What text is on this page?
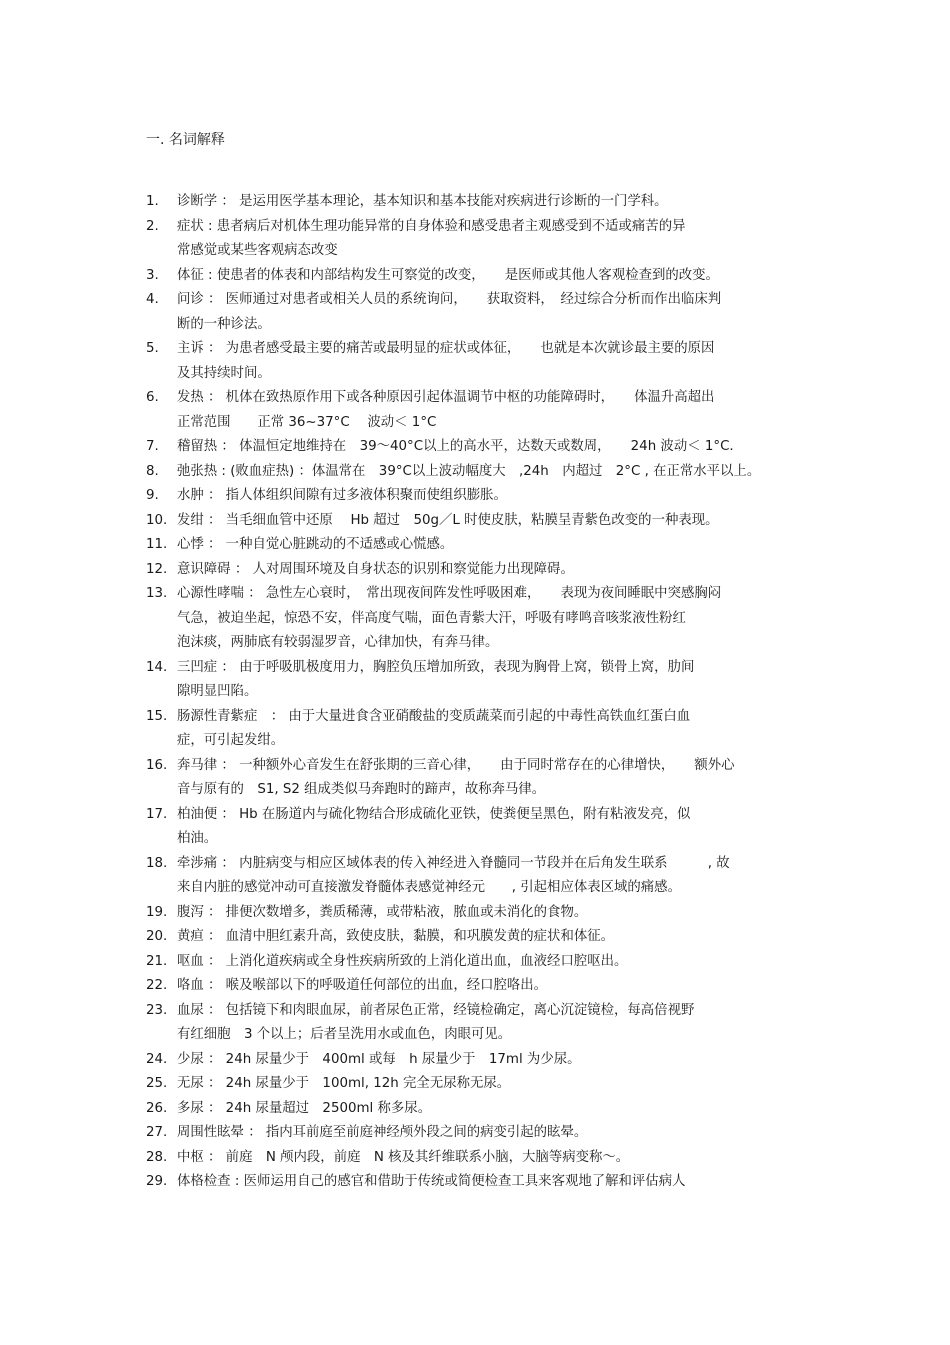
一. 名词解释
1. 诊断学 ： 是运用医学基本理论，基本知识和基本技能对疾病进行诊断的一门学科。
2. 症状 : 患者病后对机体生理功能异常的自身体验和感受患者主观感受到不适或痛苦的异
常感觉或某些客观病态改变
3. 体征 : 使患者的体表和内部结构发生可察觉的改变，　　是医师或其他人客观检查到的改变。
4. 问诊 ： 医师通过对患者或相关人员的系统询问，　　获取资料，　经过综合分析而作出临床判
断的一种诊法。
5. 主诉 ： 为患者感受最主要的痛苦或最明显的症状或体征，　　也就是本次就诊最主要的原因
及其持续时间。
6. 发热 ： 机体在致热原作用下或各种原因引起体温调节中枢的功能障碍时，　　体温升高超出
正常范围　　正常 36~37°C　 波动＜ 1°C
7. 稽留热 ： 体温恒定地维持在　39～40°C以上的高水平，达数天或数周，　　24h 波动＜ 1°C.
8. 弛张热 : (败血症热) ：体温常在　39°C以上波动幅度大　,24h　内超过　2°C , 在正常水平以上。
9. 水肿 ： 指人体组织间隙有过多液体积聚而使组织膨胀。
10. 发绀 ： 当毛细血管中还原　 Hb 超过　50g／L 时使皮肤，粘膜呈青紫色改变的一种表现。
11. 心悸 ： 一种自觉心脏跳动的不适感或心慌感。
12. 意识障碍 ： 人对周围环境及自身状态的识别和察觉能力出现障碍。
13. 心源性哮喘 ： 急性左心衰时，　常出现夜间阵发性呼吸困难，　　表现为夜间睡眠中突感胸闷
气急，被迫坐起，惊恐不安，伴高度气喘，面色青紫大汗，呼吸有哮鸣音咳浆液性粉红
泡沫痰，两肺底有较弱湿罗音，心律加快，有奔马律。
14. 三凹症 ： 由于呼吸肌极度用力，胸腔负压增加所致，表现为胸骨上窝，锁骨上窝，肋间
隙明显凹陷。
15. 肠源性青紫症　： 由于大量进食含亚硝酸盐的变质蔬菜而引起的中毒性高铁血红蛋白血
症，可引起发绀。
16. 奔马律 ： 一种额外心音发生在舒张期的三音心律，　　由于同时常存在的心律增快，　　额外心
音与原有的　S1, S2 组成类似马奔跑时的蹄声，故称奔马律。
17. 柏油便 ： Hb 在肠道内与硫化物结合形成硫化亚铁，使粪便呈黑色，附有粘液发亮，似
柏油。
18. 牵涉痛 ： 内脏病变与相应区域体表的传入神经进入脊髓同一节段并在后角发生联系　　　, 故
来自内脏的感觉冲动可直接激发脊髓体表感觉神经元　　, 引起相应体表区域的痛感。
19. 腹泻 ： 排便次数增多，粪质稀薄，或带粘液，脓血或未消化的食物。
20. 黄疸 ： 血清中胆红素升高，致使皮肤，黏膜，和巩膜发黄的症状和体征。
21. 呕血 ： 上消化道疾病或全身性疾病所致的上消化道出血，血液经口腔呕出。
22. 咯血 ： 喉及喉部以下的呼吸道任何部位的出血，经口腔咯出。
23. 血尿 ： 包括镜下和肉眼血尿，前者尿色正常，经镜检确定，离心沉淀镜检，每高倍视野
有红细胞　3 个以上；后者呈洗用水或血色，肉眼可见。
24. 少尿 ： 24h 尿量少于　400ml 或每　h 尿量少于　17ml 为少尿。
25. 无尿 ： 24h 尿量少于　100ml, 12h 完全无尿称无尿。
26. 多尿 ： 24h 尿量超过　2500ml 称多尿。
27. 周围性眩晕 ： 指内耳前庭至前庭神经颅外段之间的病变引起的眩晕。
28. 中枢 ： 前庭　N 颅内段，前庭　N 核及其纤维联系小脑，大脑等病变称～。
29. 体格检查 : 医师运用自己的感官和借助于传统或简便检查工具来客观地了解和评估病人
